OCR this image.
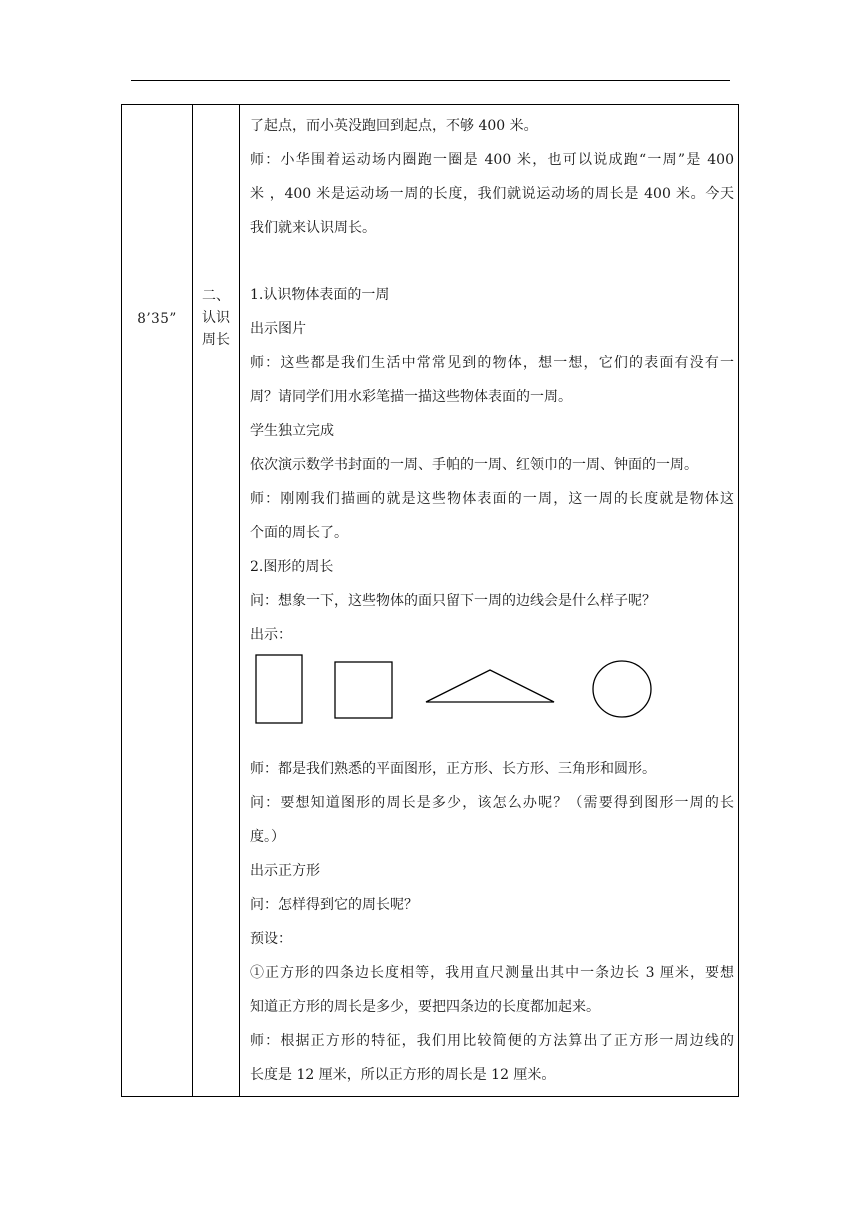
8’35”
二、
认识
周长
了起点，而小英没跑回到起点，不够 400 米。
师：小华围着运动场内圈跑一圈是 400 米，也可以说成跑“一周”是 400
米 ，400 米是运动场一周的长度，我们就说运动场的周长是 400 米。今天
我们就来认识周长。
1.认识物体表面的一周
出示图片
师：这些都是我们生活中常常见到的物体，想一想，它们的表面有没有一
周？请同学们用水彩笔描一描这些物体表面的一周。
学生独立完成
依次演示数学书封面的一周、手帕的一周、红领巾的一周、钟面的一周。
师：刚刚我们描画的就是这些物体表面的一周，这一周的长度就是物体这
个面的周长了。
2.图形的周长
问：想象一下，这些物体的面只留下一周的边线会是什么样子呢？
出示：
师：都是我们熟悉的平面图形，正方形、长方形、三角形和圆形。
问：要想知道图形的周长是多少，该怎么办呢？（需要得到图形一周的长
度。）
出示正方形
问：怎样得到它的周长呢？
预设：
①正方形的四条边长度相等，我用直尺测量出其中一条边长 3 厘米，要想
知道正方形的周长是多少，要把四条边的长度都加起来。
师：根据正方形的特征，我们用比较简便的方法算出了正方形一周边线的
长度是 12 厘米，所以正方形的周长是 12 厘米。
